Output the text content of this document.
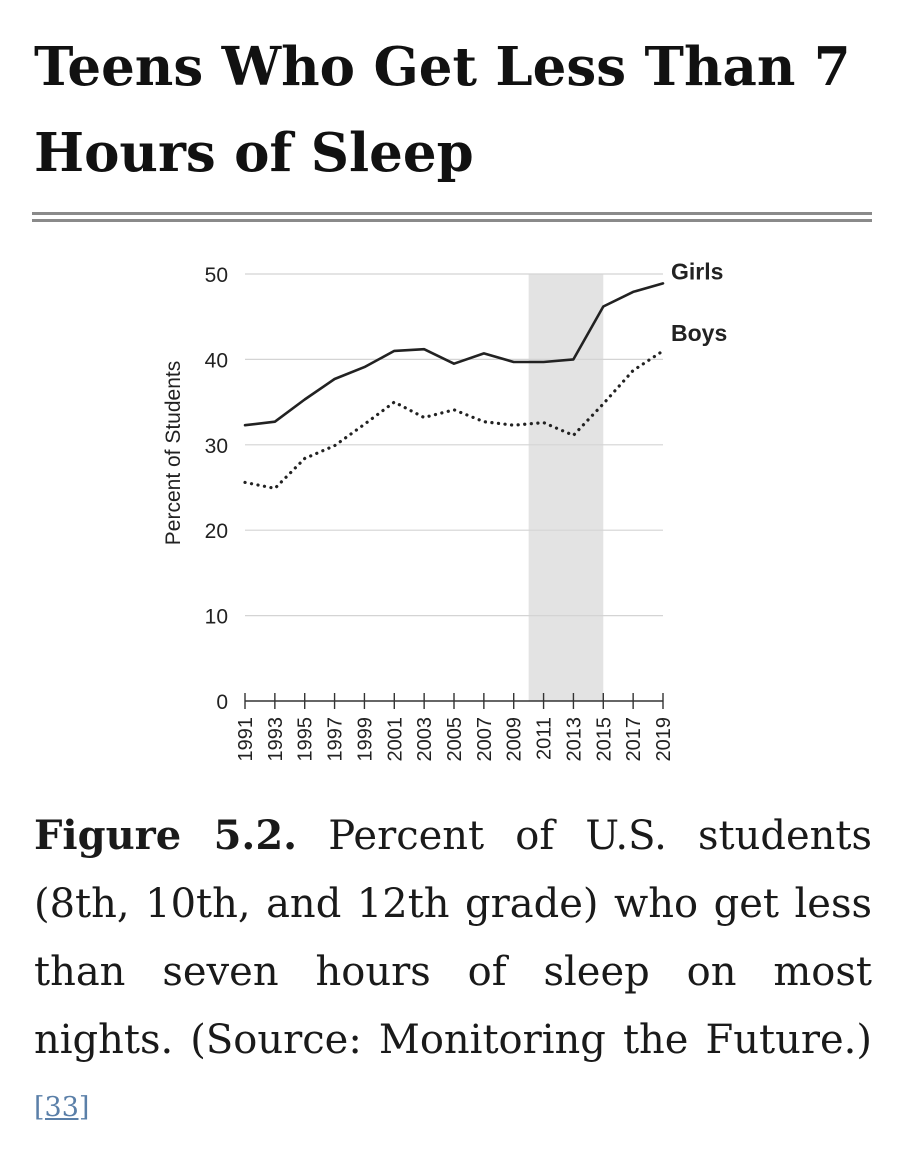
Teens Who Get Less Than 7 Hours of Sleep
0
10
20
30
40
50
1991 1993 1995 1997 1999 2001 2003 2005 2007 2009 2011 2013 2015 2017 2019
Percent of Students
Girls
Boys

Figure 5.2. Percent of U.S. students (8th, 10th, and 12th grade) who get less than seven hours of sleep on most nights. (Source: Monitoring the Future.)[33]
